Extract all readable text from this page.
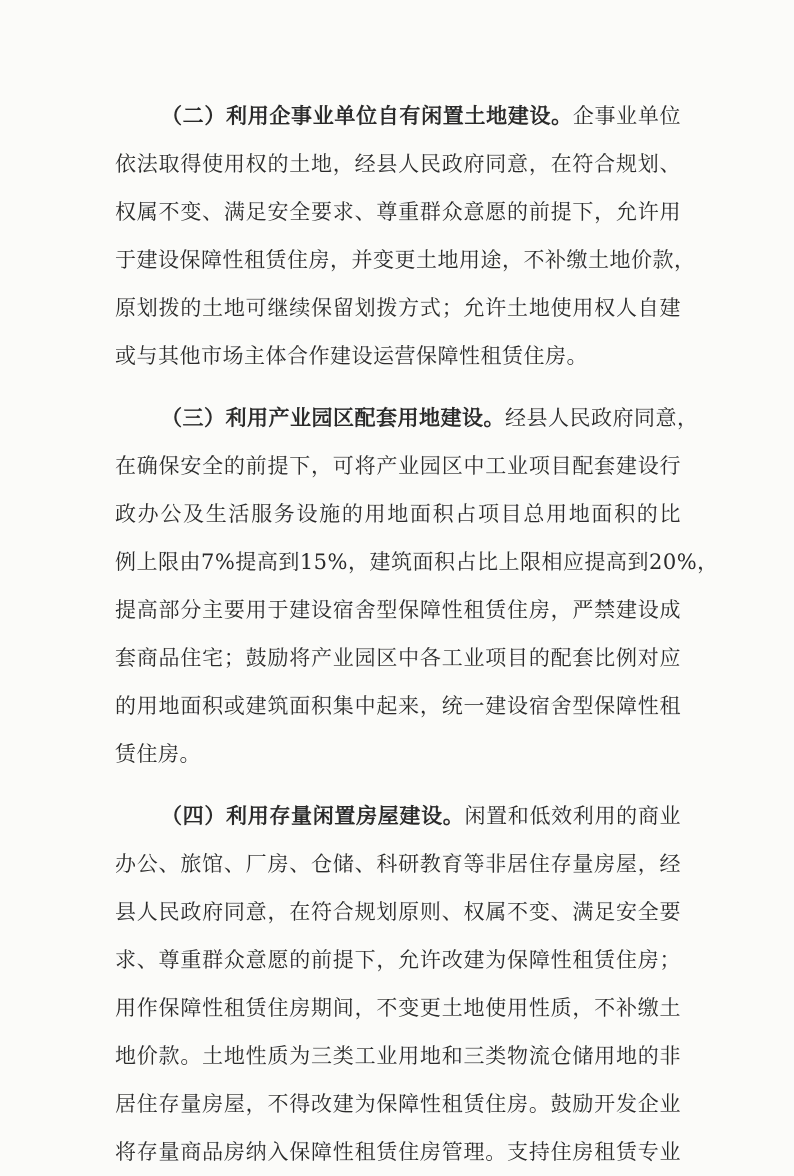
（二）利用企事业单位自有闲置土地建设。企事业单位
依法取得使用权的土地，经县人民政府同意，在符合规划、
权属不变、满足安全要求、尊重群众意愿的前提下，允许用
于建设保障性租赁住房，并变更土地用途，不补缴土地价款，
原划拨的土地可继续保留划拨方式；允许土地使用权人自建
或与其他市场主体合作建设运营保障性租赁住房。
（三）利用产业园区配套用地建设。经县人民政府同意，
在确保安全的前提下，可将产业园区中工业项目配套建设行
政办公及生活服务设施的用地面积占项目总用地面积的比
例上限由7%提高到15%，建筑面积占比上限相应提高到20%，
提高部分主要用于建设宿舍型保障性租赁住房，严禁建设成
套商品住宅；鼓励将产业园区中各工业项目的配套比例对应
的用地面积或建筑面积集中起来，统一建设宿舍型保障性租
赁住房。
（四）利用存量闲置房屋建设。闲置和低效利用的商业
办公、旅馆、厂房、仓储、科研教育等非居住存量房屋，经
县人民政府同意，在符合规划原则、权属不变、满足安全要
求、尊重群众意愿的前提下，允许改建为保障性租赁住房；
用作保障性租赁住房期间，不变更土地使用性质，不补缴土
地价款。土地性质为三类工业用地和三类物流仓储用地的非
居住存量房屋，不得改建为保障性租赁住房。鼓励开发企业
将存量商品房纳入保障性租赁住房管理。支持住房租赁专业
